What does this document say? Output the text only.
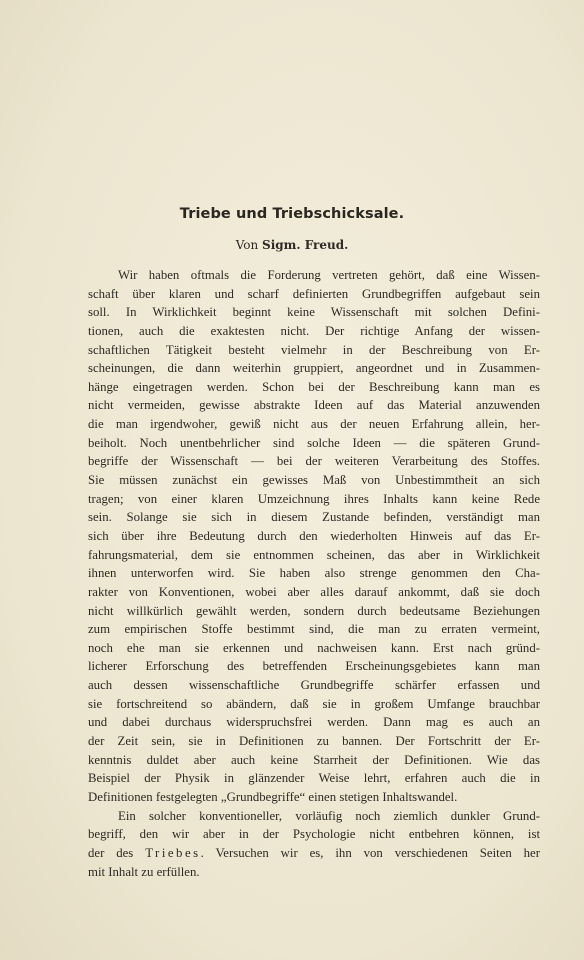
Triebe und Triebschicksale.
Von Sigm. Freud.
Wir haben oftmals die Forderung vertreten gehört, daß eine Wissen-
schaft über klaren und scharf definierten Grundbegriffen aufgebaut sein
soll. In Wirklichkeit beginnt keine Wissenschaft mit solchen Defini-
tionen, auch die exaktesten nicht. Der richtige Anfang der wissen-
schaftlichen Tätigkeit besteht vielmehr in der Beschreibung von Er-
scheinungen, die dann weiterhin gruppiert, angeordnet und in Zusammen-
hänge eingetragen werden. Schon bei der Beschreibung kann man es
nicht vermeiden, gewisse abstrakte Ideen auf das Material anzuwenden
die man irgendwoher, gewiß nicht aus der neuen Erfahrung allein, her-
beiholt. Noch unentbehrlicher sind solche Ideen — die späteren Grund-
begriffe der Wissenschaft — bei der weiteren Verarbeitung des Stoffes.
Sie müssen zunächst ein gewisses Maß von Unbestimmtheit an sich
tragen; von einer klaren Umzeichnung ihres Inhalts kann keine Rede
sein. Solange sie sich in diesem Zustande befinden, verständigt man
sich über ihre Bedeutung durch den wiederholten Hinweis auf das Er-
fahrungsmaterial, dem sie entnommen scheinen, das aber in Wirklichkeit
ihnen unterworfen wird. Sie haben also strenge genommen den Cha-
rakter von Konventionen, wobei aber alles darauf ankommt, daß sie doch
nicht willkürlich gewählt werden, sondern durch bedeutsame Beziehungen
zum empirischen Stoffe bestimmt sind, die man zu erraten vermeint,
noch ehe man sie erkennen und nachweisen kann. Erst nach gründ-
licherer Erforschung des betreffenden Erscheinungsgebietes kann man
auch dessen wissenschaftliche Grundbegriffe schärfer erfassen und
sie fortschreitend so abändern, daß sie in großem Umfange brauchbar
und dabei durchaus widerspruchsfrei werden. Dann mag es auch an
der Zeit sein, sie in Definitionen zu bannen. Der Fortschritt der Er-
kenntnis duldet aber auch keine Starrheit der Definitionen. Wie das
Beispiel der Physik in glänzender Weise lehrt, erfahren auch die in
Definitionen festgelegten „Grundbegriffe“ einen stetigen Inhaltswandel.
Ein solcher konventioneller, vorläufig noch ziemlich dunkler Grund-
begriff, den wir aber in der Psychologie nicht entbehren können, ist
der des Triebes. Versuchen wir es, ihn von verschiedenen Seiten her
mit Inhalt zu erfüllen.
